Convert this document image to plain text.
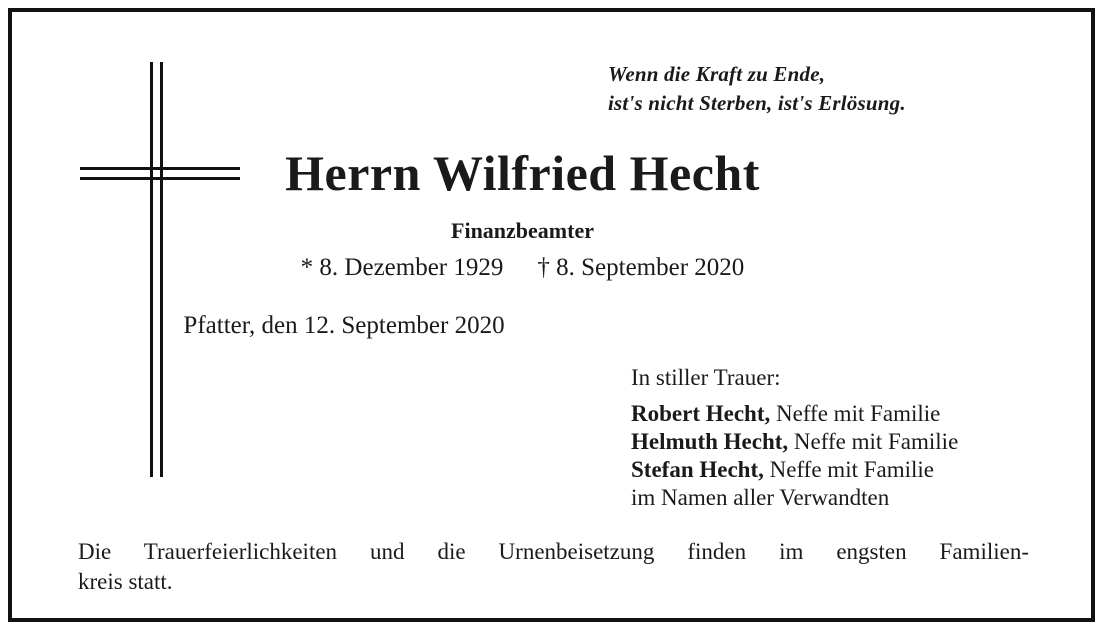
Wenn die Kraft zu Ende,
ist's nicht Sterben, ist's Erlösung.
Herrn Wilfried Hecht
Finanzbeamter
* 8. Dezember 1929 † 8. September 2020
Pfatter, den 12. September 2020
In stiller Trauer:
Robert Hecht, Neffe mit Familie
Helmuth Hecht, Neffe mit Familie
Stefan Hecht, Neffe mit Familie
im Namen aller Verwandten
Die Trauerfeierlichkeiten und die Urnenbeisetzung finden im engsten Familien-
kreis statt.
